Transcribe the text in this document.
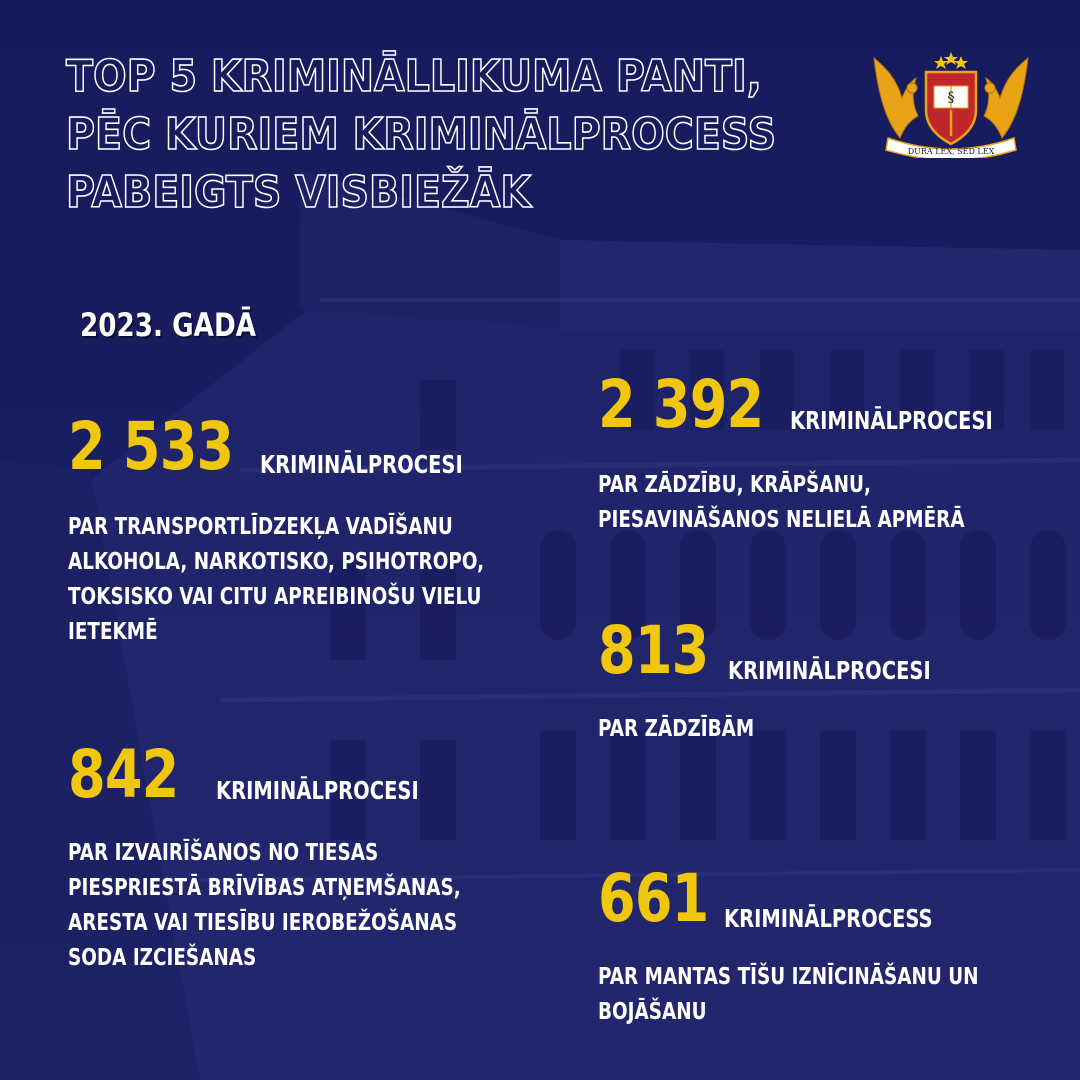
TOP 5 KRIMINĀLLIKUMA PANTI,
PĒC KURIEM KRIMINĀLPROCESS
PABEIGTS VISBIEŽĀK
§
DURA LEX, SED LEX
2023. GADĀ
2 533	KRIMINĀLPROCESI
PAR TRANSPORTLĪDZEKĻA VADĪŠANU
ALKOHOLA, NARKOTISKO, PSIHOTROPO,
TOKSISKO VAI CITU APREIBINOŠU VIELU
IETEKMĒ
2 392	KRIMINĀLPROCESI
PAR ZĀDZĪBU, KRĀPŠANU,
PIESAVINĀŠANOS NELIELĀ APMĒRĀ
813 KRIMINĀLPROCESI
PAR ZĀDZĪBĀM
842	KRIMINĀLPROCESI
PAR IZVAIRĪŠANOS NO TIESAS
PIESPRIESTĀ BRĪVĪBAS ATŅEMŠANAS,
ARESTA VAI TIESĪBU IEROBEŽOŠANAS
SODA IZCIEŠANAS
661 KRIMINĀLPROCESS
PAR MANTAS TĪŠU IZNĪCINĀŠANU UN
BOJĀŠANU
